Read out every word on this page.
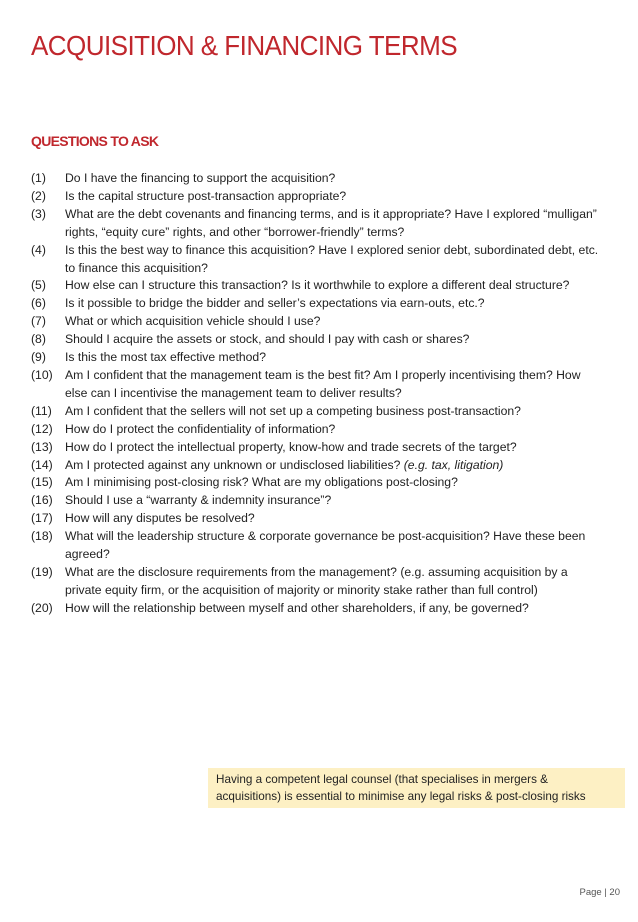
ACQUISITION & FINANCING TERMS
QUESTIONS TO ASK
(1)	Do I have the financing to support the acquisition?
(2)	Is the capital structure post-transaction appropriate?
(3)	What are the debt covenants and financing terms, and is it appropriate? Have I explored “mulligan” rights, “equity cure” rights, and other “borrower-friendly” terms?
(4)	Is this the best way to finance this acquisition? Have I explored senior debt, subordinated debt, etc. to finance this acquisition?
(5)	How else can I structure this transaction? Is it worthwhile to explore a different deal structure?
(6)	Is it possible to bridge the bidder and seller’s expectations via earn-outs, etc.?
(7)	What or which acquisition vehicle should I use?
(8)	Should I acquire the assets or stock, and should I pay with cash or shares?
(9)	Is this the most tax effective method?
(10)	Am I confident that the management team is the best fit? Am I properly incentivising them? How else can I incentivise the management team to deliver results?
(11)	Am I confident that the sellers will not set up a competing business post-transaction?
(12)	How do I protect the confidentiality of information?
(13)	How do I protect the intellectual property, know-how and trade secrets of the target?
(14)	Am I protected against any unknown or undisclosed liabilities? (e.g. tax, litigation)
(15)	Am I minimising post-closing risk? What are my obligations post-closing?
(16)	Should I use a “warranty & indemnity insurance”?
(17)	How will any disputes be resolved?
(18)	What will the leadership structure & corporate governance be post-acquisition? Have these been agreed?
(19)	What are the disclosure requirements from the management? (e.g. assuming acquisition by a private equity firm, or the acquisition of majority or minority stake rather than full control)
(20)	How will the relationship between myself and other shareholders, if any, be governed?
Having a competent legal counsel (that specialises in mergers &
acquisitions) is essential to minimise any legal risks & post-closing risks
Page | 20
